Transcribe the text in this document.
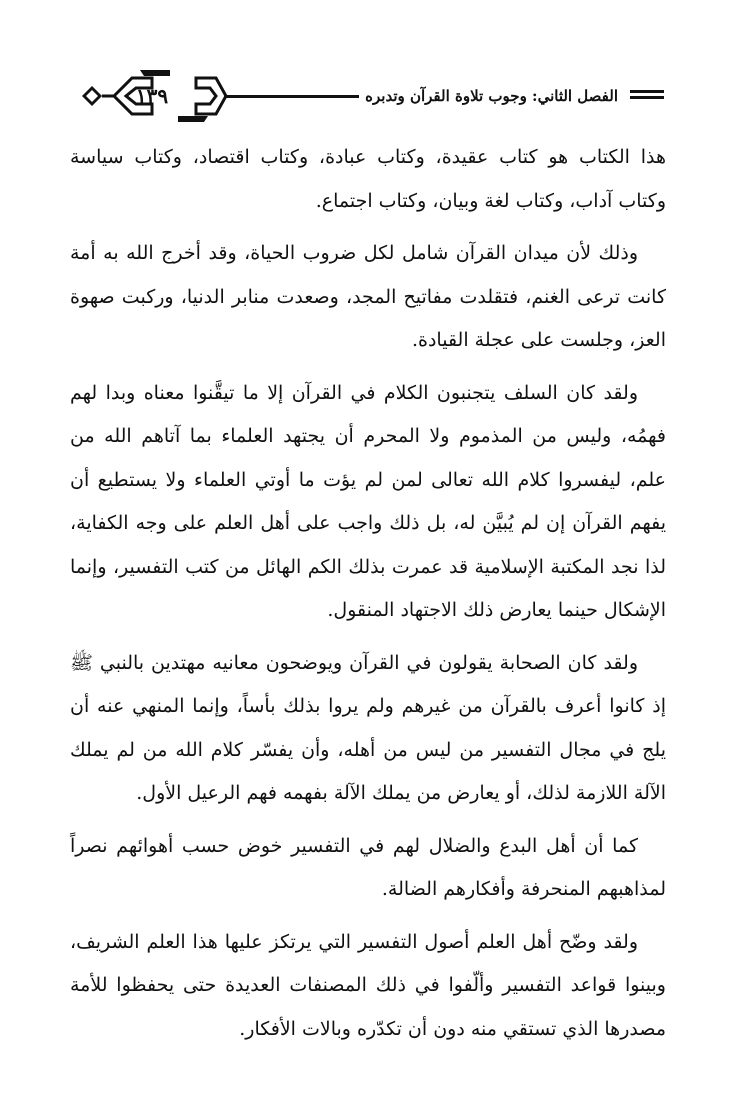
١٣٩	الفصل الثاني: وجوب تلاوة القرآن وتدبره

هذا الكتاب هو كتاب عقيدة، وكتاب عبادة، وكتاب اقتصاد، وكتاب سياسة وكتاب آداب، وكتاب لغة وبيان، وكتاب اجتماع.

وذلك لأن ميدان القرآن شامل لكل ضروب الحياة، وقد أخرج الله به أمة كانت ترعى الغنم، فتقلدت مفاتيح المجد، وصعدت منابر الدنيا، وركبت صهوة العز، وجلست على عجلة القيادة.

ولقد كان السلف يتجنبون الكلام في القرآن إلا ما تيقَّنوا معناه وبدا لهم فهمُه، وليس من المذموم ولا المحرم أن يجتهد العلماء بما آتاهم الله من علم، ليفسروا كلام الله تعالى لمن لم يؤت ما أوتي العلماء ولا يستطيع أن يفهم القرآن إن لم يُبيَّن له، بل ذلك واجب على أهل العلم على وجه الكفاية، لذا نجد المكتبة الإسلامية قد عمرت بذلك الكم الهائل من كتب التفسير، وإنما الإشكال حينما يعارض ذلك الاجتهاد المنقول.

ولقد كان الصحابة يقولون في القرآن ويوضحون معانيه مهتدين بالنبي ﷺ إذ كانوا أعرف بالقرآن من غيرهم ولم يروا بذلك بأساً، وإنما المنهي عنه أن يلج في مجال التفسير من ليس من أهله، وأن يفسّر كلام الله من لم يملك الآلة اللازمة لذلك، أو يعارض من يملك الآلة بفهمه فهم الرعيل الأول.

كما أن أهل البدع والضلال لهم في التفسير خوض حسب أهوائهم نصراً لمذاهبهم المنحرفة وأفكارهم الضالة.

ولقد وضّح أهل العلم أصول التفسير التي يرتكز عليها هذا العلم الشريف، وبينوا قواعد التفسير وألّفوا في ذلك المصنفات العديدة حتى يحفظوا للأمة مصدرها الذي تستقي منه دون أن تكدّره وبالات الأفكار.
